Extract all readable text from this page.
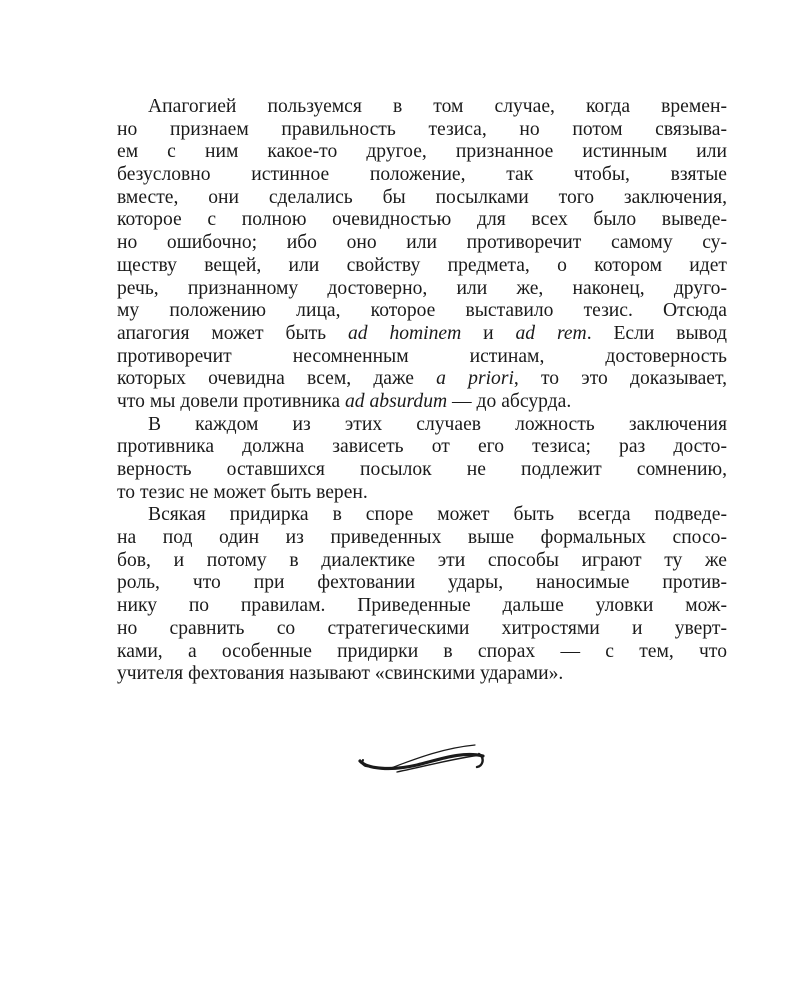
Апагогией пользуемся в том случае, когда времен-
но признаем правильность тезиса, но потом связыва-
ем с ним какое-то другое, признанное истинным или
безусловно истинное положение, так чтобы, взятые
вместе, они сделались бы посылками того заключения,
которое с полною очевидностью для всех было выведе-
но ошибочно; ибо оно или противоречит самому су-
ществу вещей, или свойству предмета, о котором идет
речь, признанному достоверно, или же, наконец, друго-
му положению лица, которое выставило тезис. Отсюда
апагогия может быть ad hominem и ad rem. Если вывод
противоречит несомненным истинам, достоверность
которых очевидна всем, даже a priori, то это доказывает,
что мы довели противника ad absurdum — до абсурда.
В каждом из этих случаев ложность заключения
противника должна зависеть от его тезиса; раз досто-
верность оставшихся посылок не подлежит сомнению,
то тезис не может быть верен.
Всякая придирка в споре может быть всегда подведе-
на под один из приведенных выше формальных спосо-
бов, и потому в диалектике эти способы играют ту же
роль, что при фехтовании удары, наносимые против-
нику по правилам. Приведенные дальше уловки мож-
но сравнить со стратегическими хитростями и уверт-
ками, а особенные придирки в спорах — с тем, что
учителя фехтования называют «свинскими ударами».
